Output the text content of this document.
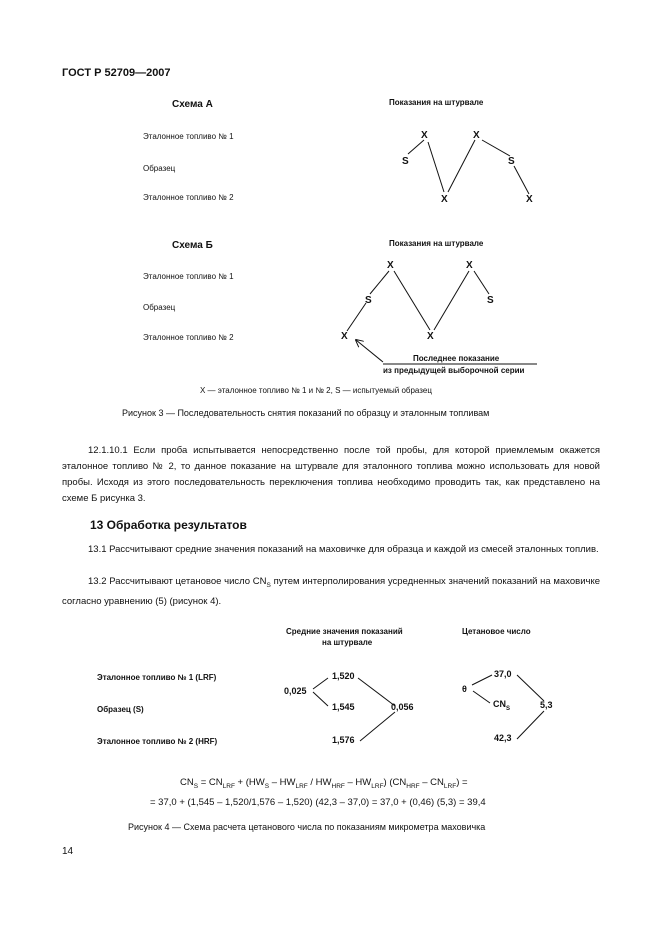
ГОСТ Р 52709—2007
Схема А	Показания на штурвале
Эталонное топливо № 1
Образец
Эталонное топливо № 2
S
X
X
X
S
X
Схема Б	Показания на штурвале
Эталонное топливо № 1
Образец
Эталонное топливо № 2
X
S
X	X
X
S
Последнее показание
из предыдущей выборочной серии
X — эталонное топливо № 1 и № 2, S — испытуемый образец
Рисунок 3 — Последовательность снятия показаний по образцу и эталонным топливам

12.1.10.1 Если проба испытывается непосредственно после той пробы, для которой приемлемым окажется эталонное топливо № 2, то данное показание на штурвале для эталонного топлива можно использовать для новой пробы. Исходя из этого последовательность переключения топлива необходимо проводить так, как представлено на схеме Б рисунка 3.

13 Обработка результатов

13.1 Рассчитывают средние значения показаний на маховичке для образца и каждой из смесей эталонных топлив.

13.2 Рассчитывают цетановое число $CN_S$ путем интерполирования усредненных значений показаний на маховичке согласно уравнению (5) (рисунок 4).

Средние значения показаний
на штурвале
Цетановое число
Эталонное топливо № 1 (LRF)
Образец (S)
Эталонное топливо № 2 (HRF)
1,520
1,545
1,576
0,025
0,056
37,0
42,3
5,3
θ
$CN_S$
$CN_S = CN_{LRF} + (HW_S - HW_{LRF} / HW_{HRF} - HW_{LRF})$ $(CN_{HRF} - CN_{LRF})$ =
= 37,0 + (1,545 – 1,520/1,576 – 1,520) (42,3 – 37,0) = 37,0 + (0,46) (5,3) = 39,4
Рисунок 4 — Схема расчета цетанового числа по показаниям микрометра маховичка
14
